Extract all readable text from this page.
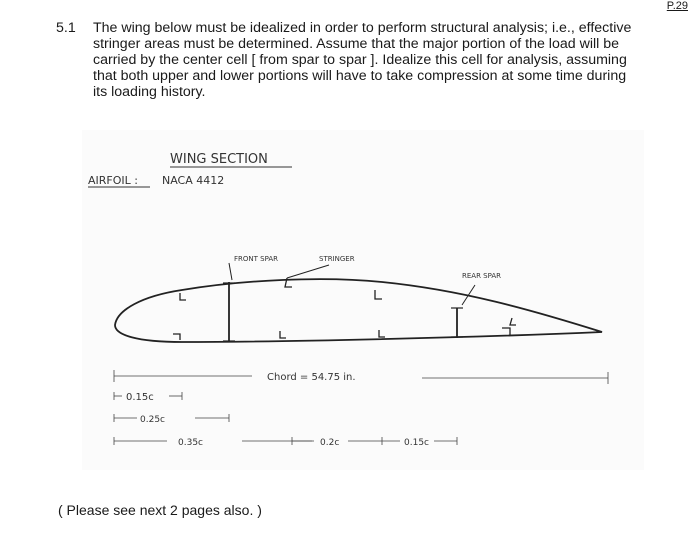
P.29
5.1 The wing below must be idealized in order to perform structural analysis; i.e., effective stringer areas must be determined. Assume that the major portion of the load will be carried by the center cell [ from spar to spar ]. Idealize this cell for analysis, assuming that both upper and lower portions will have to take compression at some time during its loading history.
WING SECTION
AIRFOIL : NACA 4412
FRONT SPAR	STRINGER
REAR SPAR
Chord = 54.75 in.
0.15c
0.25c
0.35c	0.2c	0.15c
( Please see next 2 pages also. )
